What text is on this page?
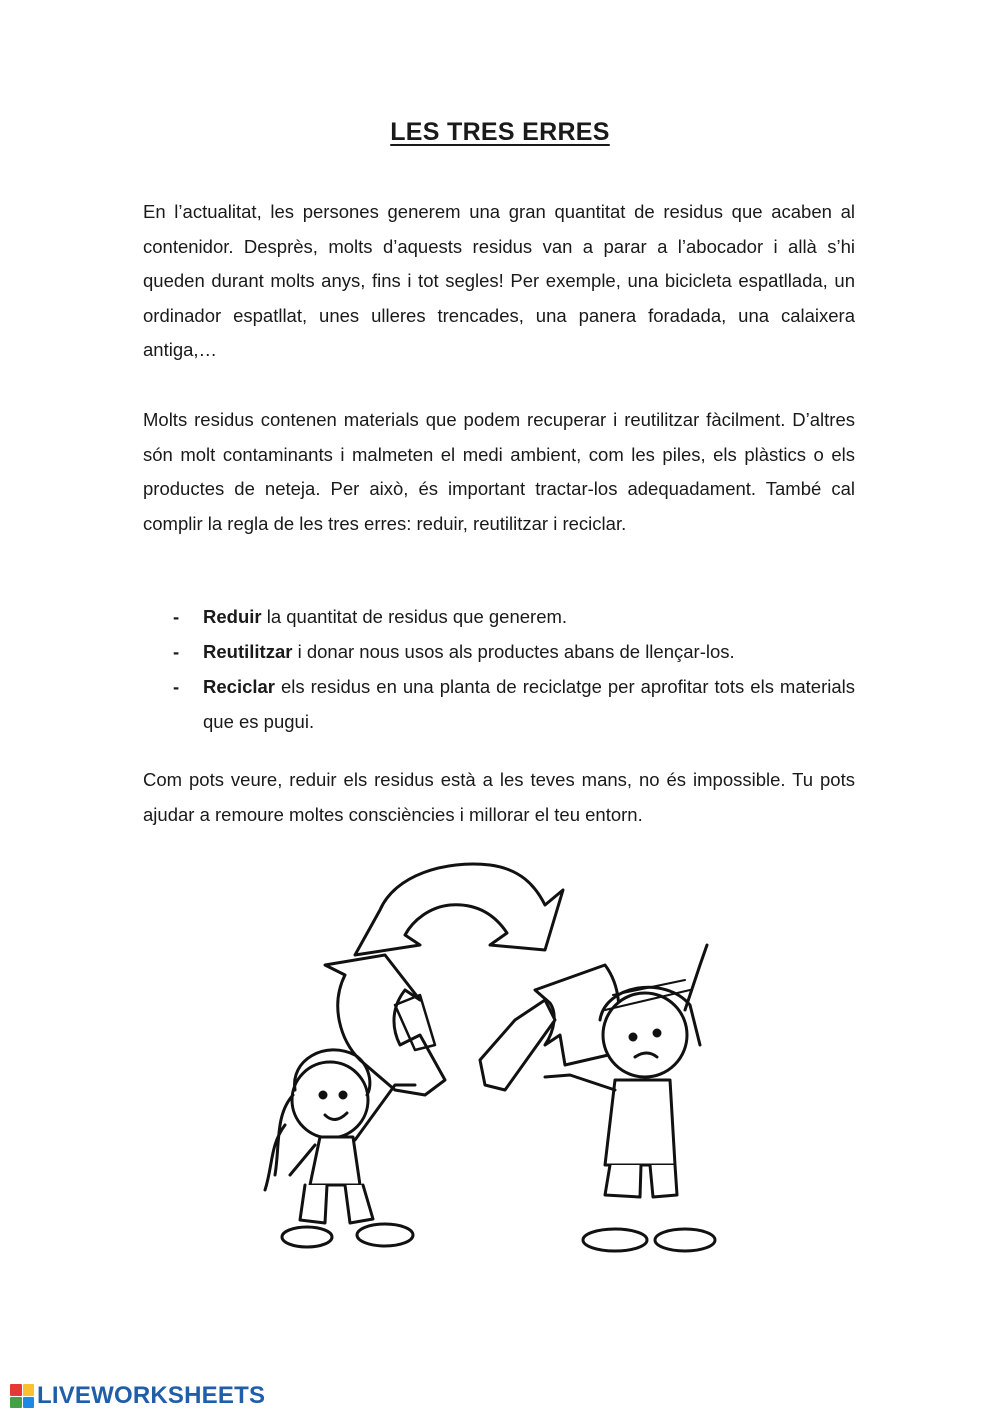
LES TRES ERRES

En l’actualitat, les persones generem una gran quantitat de residus que acaben al contenidor. Desprès, molts d’aquests residus van a parar a l’abocador i allà s’hi queden durant molts anys, fins i tot segles! Per exemple, una bicicleta espatllada, un ordinador espatllat, unes ulleres trencades, una panera foradada, una calaixera antiga,…

Molts residus contenen materials que podem recuperar i reutilitzar fàcilment. D’altres són molt contaminants i malmeten el medi ambient, com les piles, els plàstics o els productes de neteja. Per això, és important tractar-los adequadament. També cal complir la regla de les tres erres: reduir, reutilitzar i reciclar.

- Reduir la quantitat de residus que generem.
- Reutilitzar i donar nous usos als productes abans de llençar-los.
- Reciclar els residus en una planta de reciclatge per aprofitar tots els materials que es pugui.

Com pots veure, reduir els residus està a les teves mans, no és impossible. Tu pots ajudar a remoure moltes consciències i millorar el teu entorn.

LIVEWORKSHEETS
